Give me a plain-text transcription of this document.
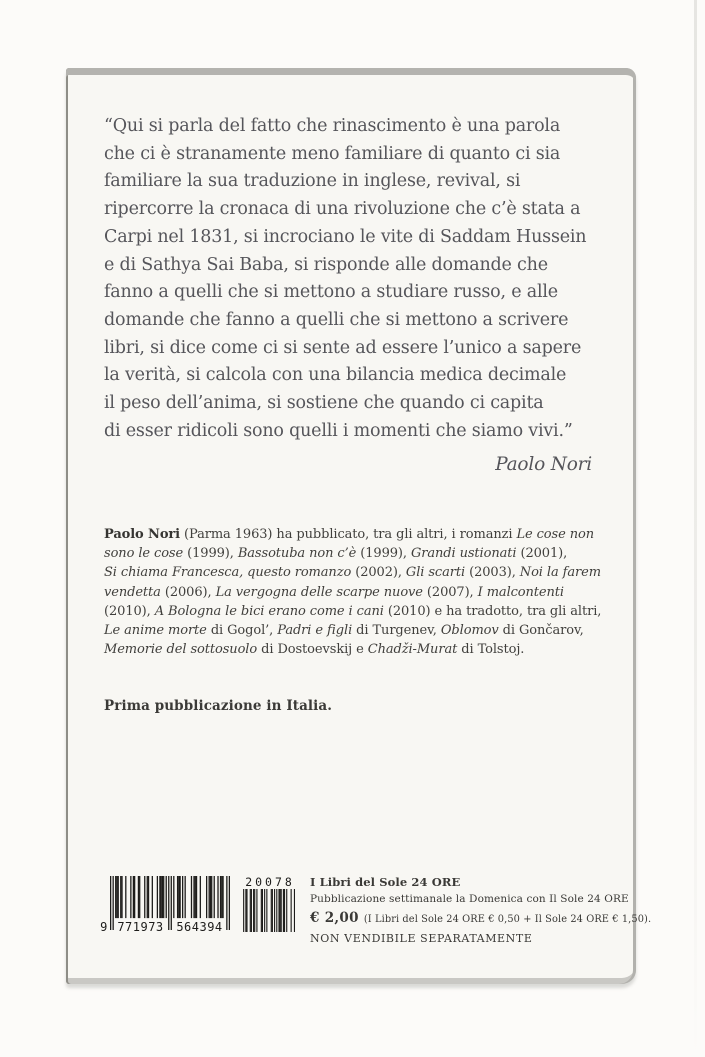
“Qui si parla del fatto che rinascimento è una parola
che ci è stranamente meno familiare di quanto ci sia
familiare la sua traduzione in inglese, revival, si
ripercorre la cronaca di una rivoluzione che c’è stata a
Carpi nel 1831, si incrociano le vite di Saddam Hussein
e di Sathya Sai Baba, si risponde alle domande che
fanno a quelli che si mettono a studiare russo, e alle
domande che fanno a quelli che si mettono a scrivere
libri, si dice come ci si sente ad essere l’unico a sapere
la verità, si calcola con una bilancia medica decimale
il peso dell’anima, si sostiene che quando ci capita
di esser ridicoli sono quelli i momenti che siamo vivi.”
Paolo Nori
Paolo Nori (Parma 1963) ha pubblicato, tra gli altri, i romanzi Le cose non
sono le cose (1999), Bassotuba non c’è (1999), Grandi ustionati (2001),
Si chiama Francesca, questo romanzo (2002), Gli scarti (2003), Noi la farem
vendetta (2006), La vergogna delle scarpe nuove (2007), I malcontenti
(2010), A Bologna le bici erano come i cani (2010) e ha tradotto, tra gli altri,
Le anime morte di Gogol’, Padri e figli di Turgenev, Oblomov di Gončarov,
Memorie del sottosuolo di Dostoevskij e Chadži-Murat di Tolstoj.
Prima pubblicazione in Italia.
9 771973 564394
20078 I Libri del Sole 24 ORE
Pubblicazione settimanale la Domenica con Il Sole 24 ORE
€ 2,00 (I Libri del Sole 24 ORE € 0,50 + Il Sole 24 ORE € 1,50).
NON VENDIBILE SEPARATAMENTE
